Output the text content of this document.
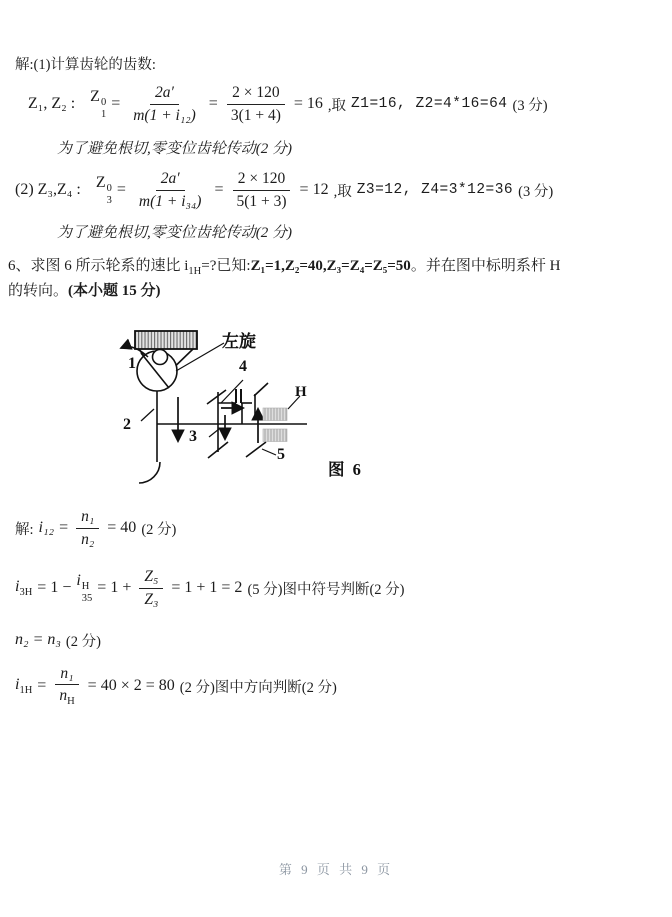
解:(1)计算齿轮的齿数:
Z₁, Z₂ : Z 0
1
= $\frac{2a'}{\text{m(1 + i₁₂)}} = \frac{2 \times 120}{3(1 + 4)} = 16$ ,取 Z1=16, Z2=4*16=64 (3 分)
为了避免根切,零变位齿轮传动(2 分)
(2) Z₃,Z₄ : Z 0
3
= $\frac{2a'}{\text{m(1 + i₃₄)}} = \frac{2 \times 120}{5(1 + 3)} = 12$ ,取 Z3=12, Z4=3*12=36 (3 分)
为了避免根切,零变位齿轮传动(2 分)

6、求图 6 所示轮系的速比 $i_{1H}=$?已知:Z₁=1,Z₂=40,Z₃=Z₄=Z₅=50。并在图中标明系杆 H
的转向。(本小题 15 分)

1
左旋
4
2
3
H
5
图 6
解: $i_{12} = \frac{\text{n₁}}{\text{n₂}} = 40$ (2 分)
$i_{3H} = 1 - i$ H
35
= $1 + \frac{\text{Z₅}}{\text{Z₃}} = 1 + 1 = 2$ (5 分)图中符号判断(2 分)
n₂ = n₃ (2 分)
$i_{1H} = \frac{\text{n₁}}{n_H} = 40 \times 2 = 80$ (2 分)图中方向判断(2 分)
第 9 页 共 9 页
